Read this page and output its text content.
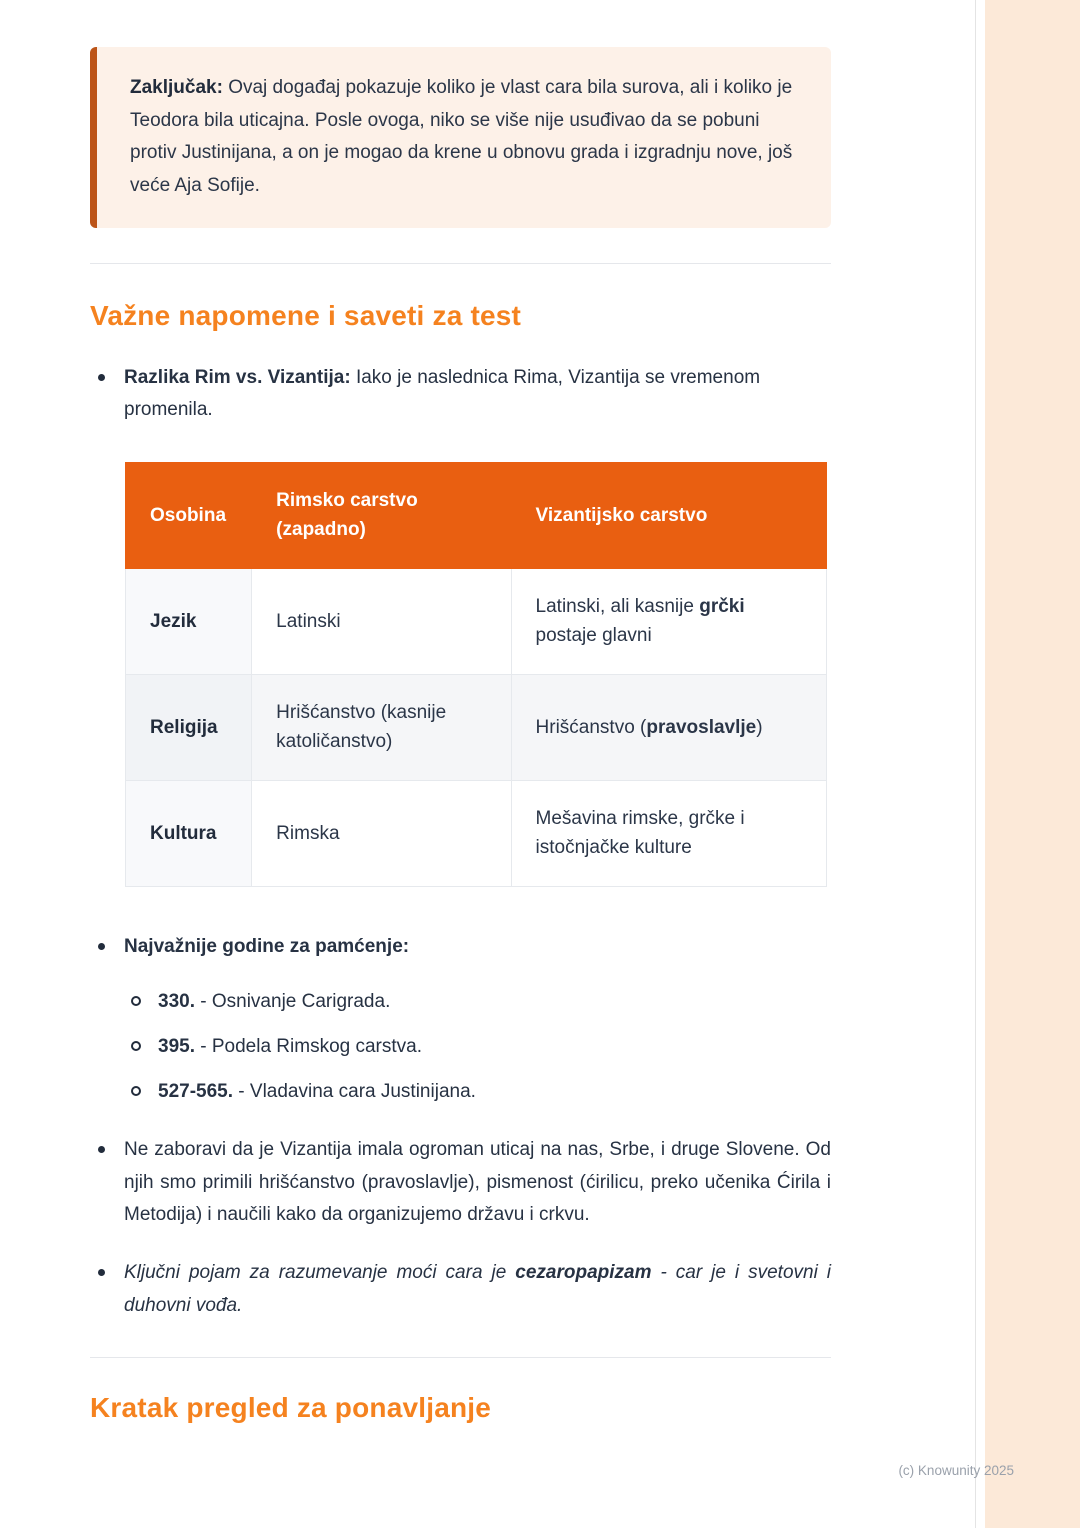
Zaključak: Ovaj događaj pokazuje koliko je vlast cara bila surova, ali i koliko je Teodora bila uticajna. Posle ovoga, niko se više nije usuđivao da se pobuni protiv Justinijana, a on je mogao da krene u obnovu grada i izgradnju nove, još veće Aja Sofije.
Važne napomene i saveti za test
Razlika Rim vs. Vizantija: Iako je naslednica Rima, Vizantija se vremenom promenila.
Osobina	Rimsko carstvo (zapadno)	Vizantijsko carstvo
Jezik	Latinski	Latinski, ali kasnije grčki postaje glavni
Religija	Hrišćanstvo (kasnije katoličanstvo)	Hrišćanstvo (pravoslavlje)
Kultura	Rimska	Mešavina rimske, grčke i istočnjačke kulture
Najvažnije godine za pamćenje:
330. - Osnivanje Carigrada.
395. - Podela Rimskog carstva.
527-565. - Vladavina cara Justinijana.
Ne zaboravi da je Vizantija imala ogroman uticaj na nas, Srbe, i druge Slovene. Od njih smo primili hrišćanstvo (pravoslavlje), pismenost (ćirilicu, preko učenika Ćirila i Metodija) i naučili kako da organizujemo državu i crkvu.
Ključni pojam za razumevanje moći cara je cezaropapizam - car je i svetovni i duhovni vođa.
Kratak pregled za ponavljanje
(c) Knowunity 2025
